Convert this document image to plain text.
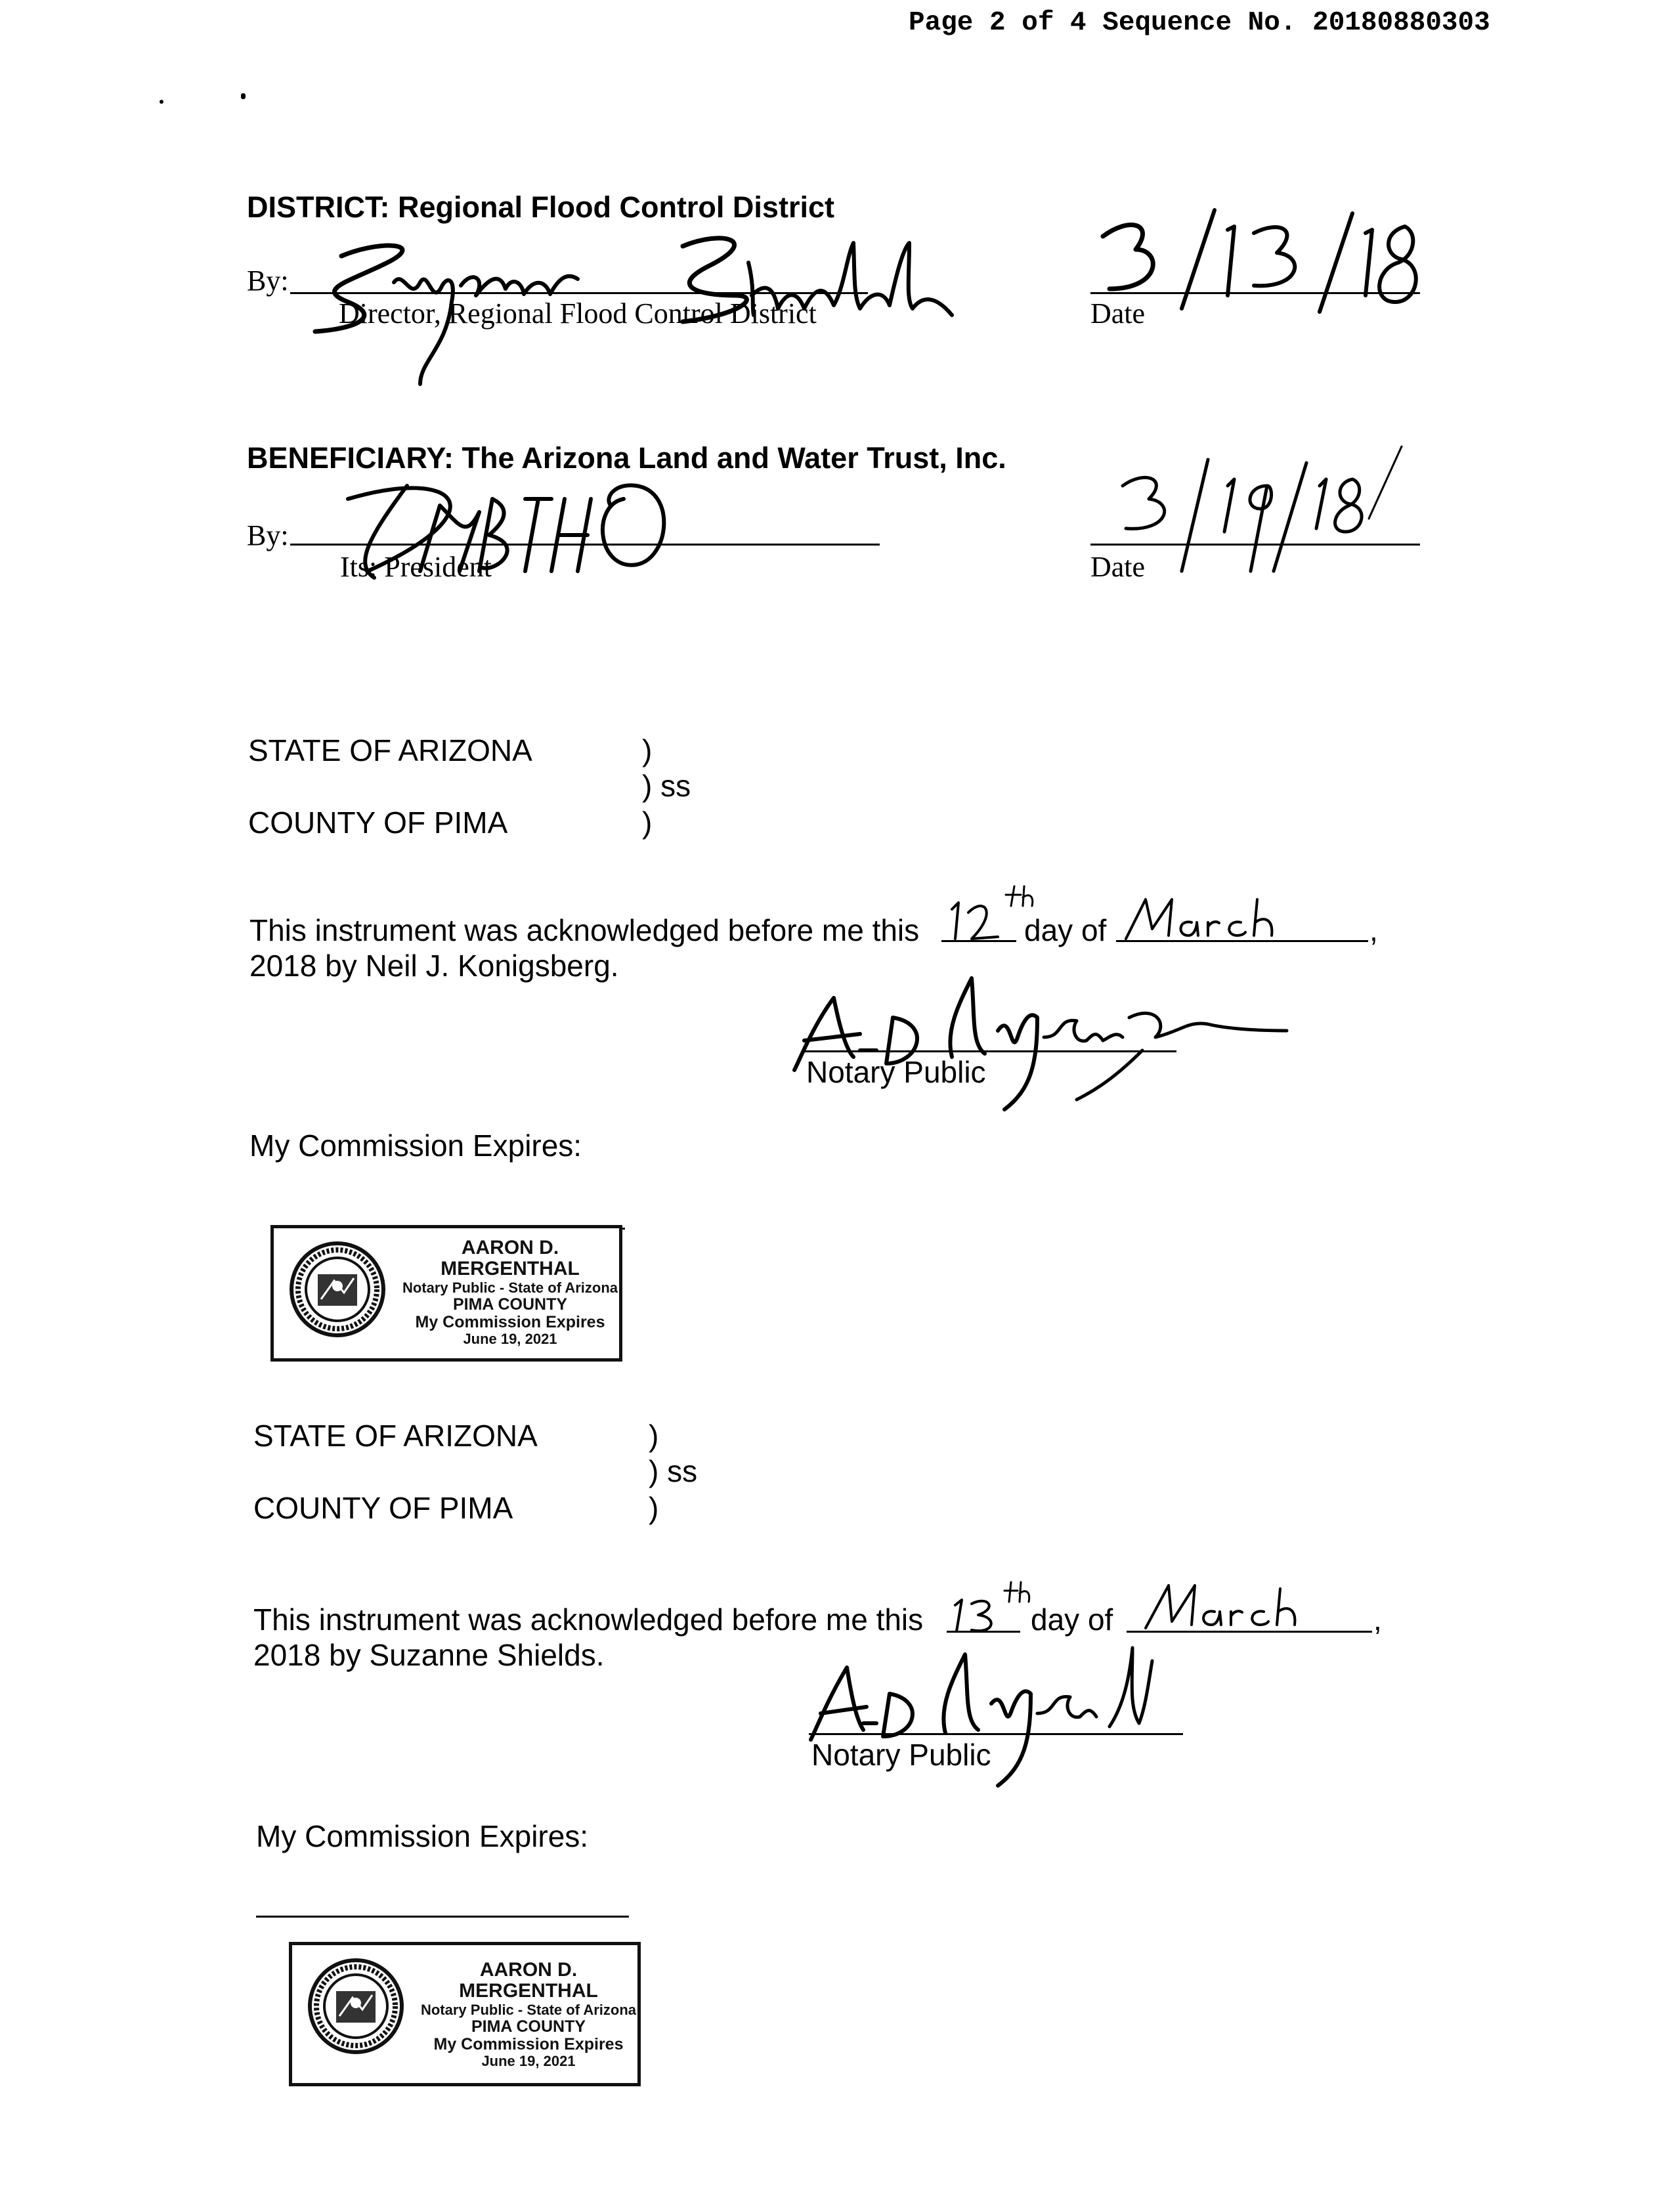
Page 2 of 4 Sequence No. 20180880303
DISTRICT: Regional Flood Control District
By:
Director, Regional Flood Control District	Date
BENEFICIARY: The Arizona Land and Water Trust, Inc.
By:
Its: President	Date
STATE OF ARIZONA	)
) ss
COUNTY OF PIMA	)
This instrument was acknowledged before me this	day of	,
2018 by Neil J. Konigsberg.
Notary Public
My Commission Expires:
AARON D. MERGENTHAL
Notary Public - State of Arizona
PIMA COUNTY
My Commission Expires
June 19, 2021
STATE OF ARIZONA	)
) ss
COUNTY OF PIMA	)
This instrument was acknowledged before me this	day of	,
2018 by Suzanne Shields.
Notary Public
My Commission Expires:
AARON D. MERGENTHAL
Notary Public - State of Arizona
PIMA COUNTY
My Commission Expires
June 19, 2021
